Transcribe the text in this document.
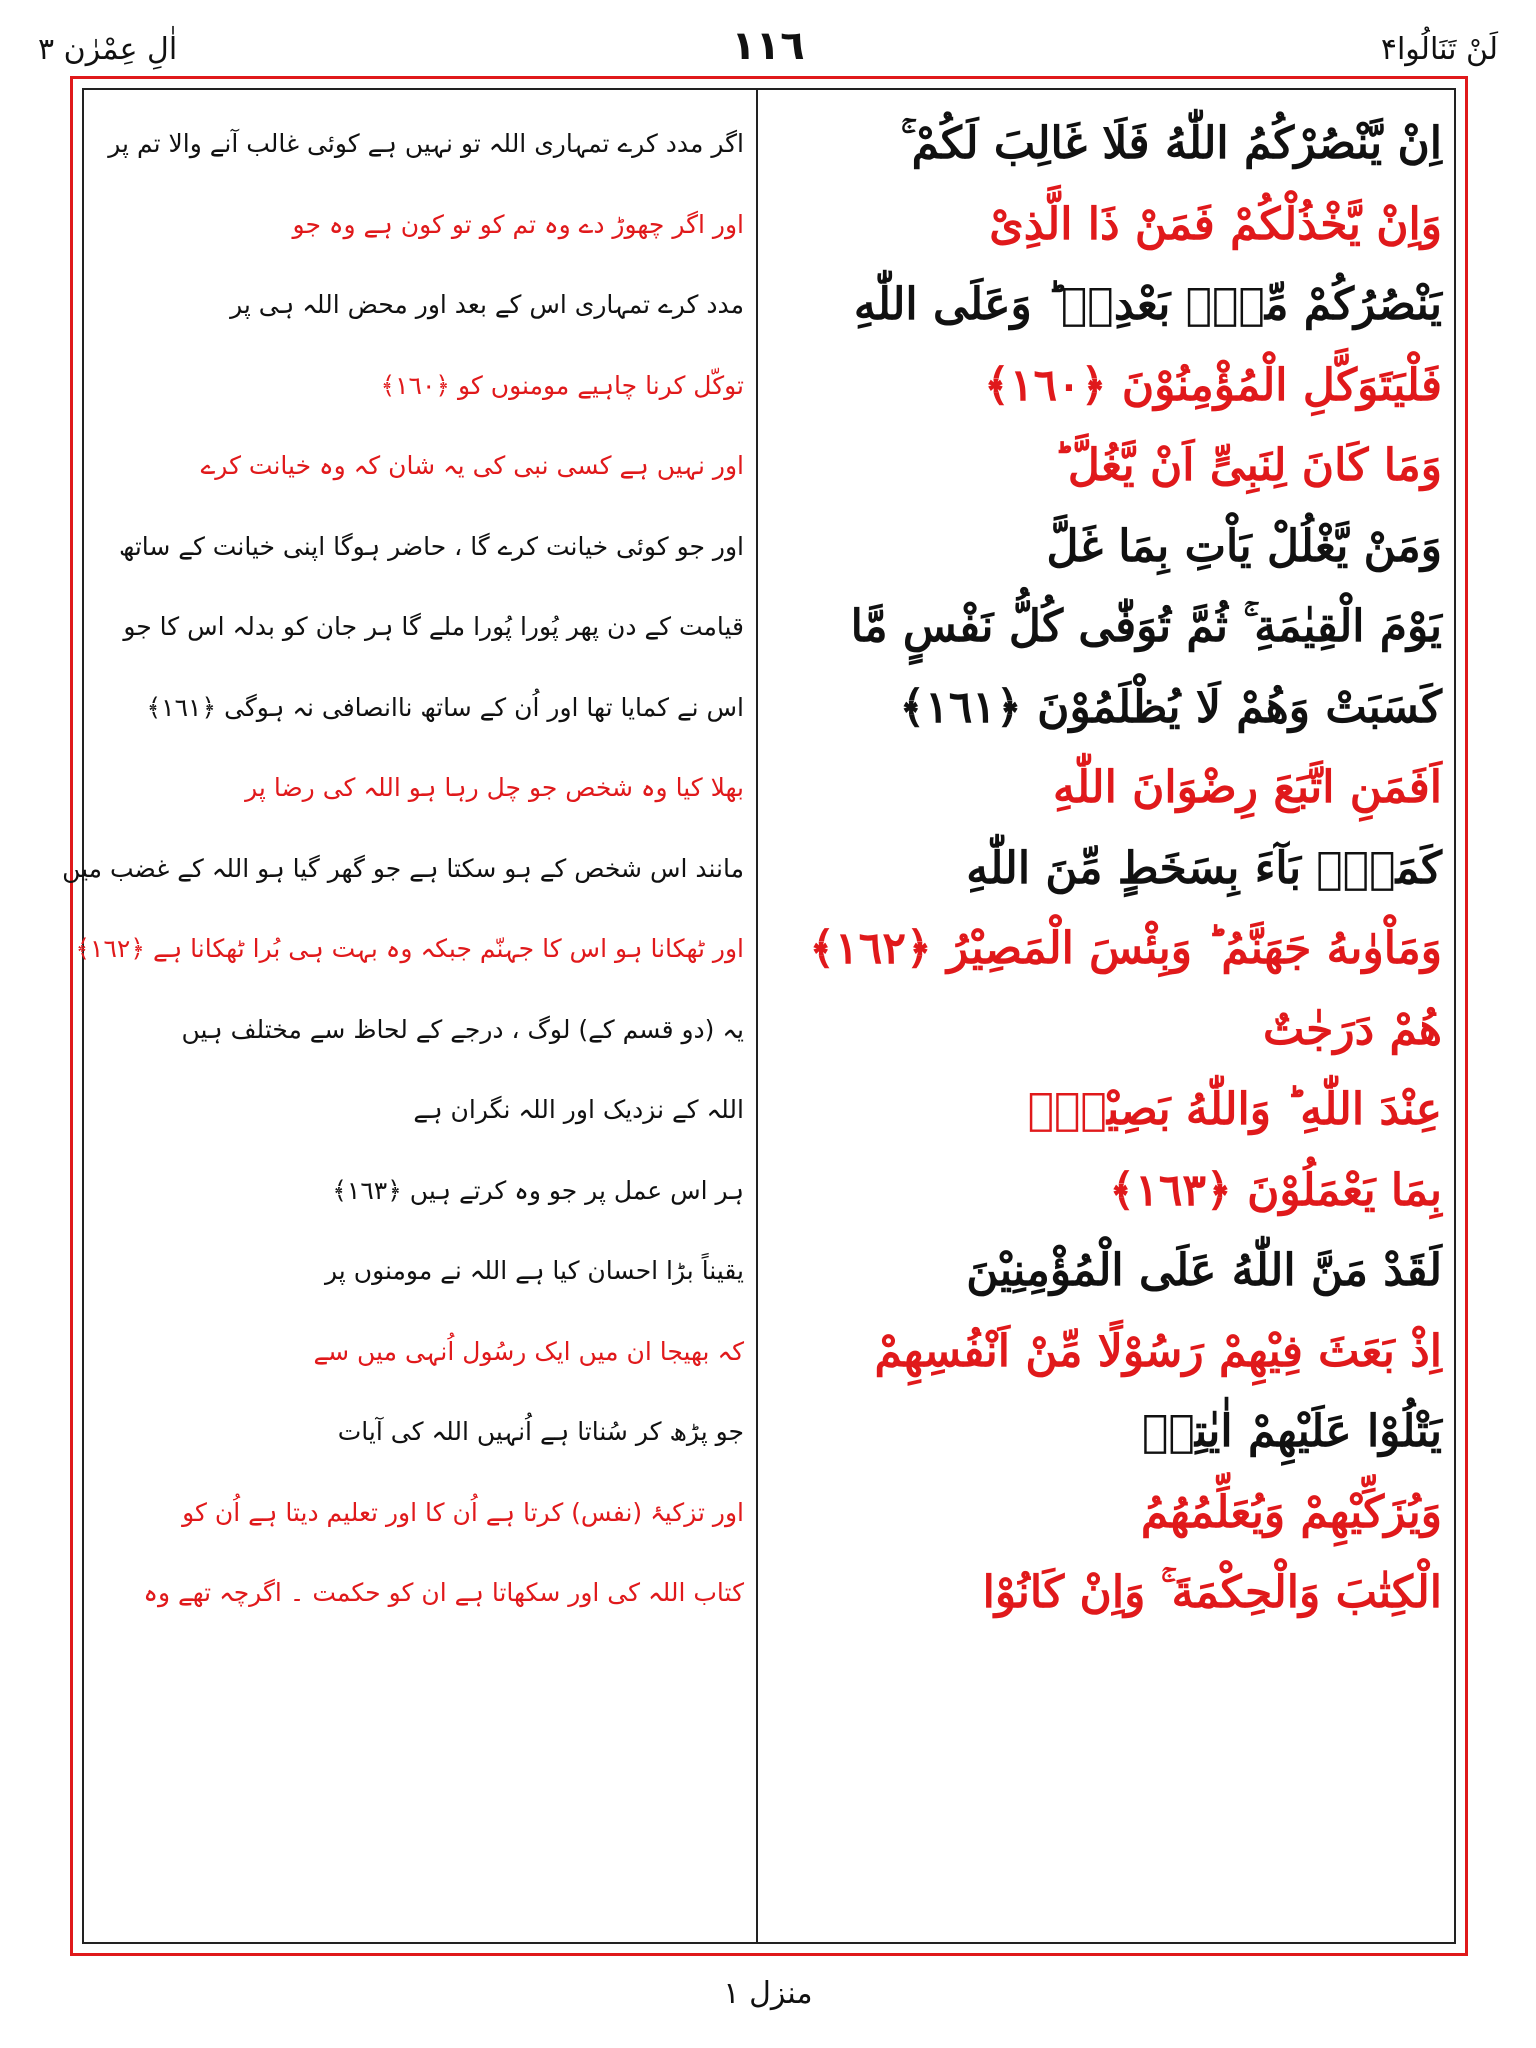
لَنْ تَنَالُوا۴
١١٦
اٰلِ عِمْرٰن ٣
اِنْ يَّنْصُرْكُمُ اللّٰهُ فَلَا غَالِبَ لَكُمْ ۚ
وَاِنْ يَّخْذُلْكُمْ فَمَنْ ذَا الَّذِىْ
يَنْصُرُكُمْ مِّنْۢ بَعْدِهٖ ؕ وَعَلَى اللّٰهِ
فَلْيَتَوَكَّلِ الْمُؤْمِنُوْنَ ﴿١٦٠﴾
وَمَا كَانَ لِنَبِىٍّ اَنْ يَّغُلَّ ؕ
وَمَنْ يَّغْلُلْ يَاْتِ بِمَا غَلَّ
يَوْمَ الْقِيٰمَةِ ۚ ثُمَّ تُوَفّٰى كُلُّ نَفْسٍ مَّا
كَسَبَتْ وَهُمْ لَا يُظْلَمُوْنَ ﴿١٦١﴾
اَفَمَنِ اتَّبَعَ رِضْوَانَ اللّٰهِ
كَمَنْۢ بَآءَ بِسَخَطٍ مِّنَ اللّٰهِ
وَمَاْوٰىهُ جَهَنَّمُ ؕ وَبِئْسَ الْمَصِيْرُ ﴿١٦٢﴾
هُمْ دَرَجٰتٌ
عِنْدَ اللّٰهِ ؕ وَاللّٰهُ بَصِيْرٌۢ
بِمَا يَعْمَلُوْنَ ﴿١٦٣﴾
لَقَدْ مَنَّ اللّٰهُ عَلَى الْمُؤْمِنِيْنَ
اِذْ بَعَثَ فِيْهِمْ رَسُوْلًا مِّنْ اَنْفُسِهِمْ
يَتْلُوْا عَلَيْهِمْ اٰيٰتِهٖ
وَيُزَكِّيْهِمْ وَيُعَلِّمُهُمُ
الْكِتٰبَ وَالْحِكْمَةَ ۚ وَاِنْ كَانُوْا
اگر مدد کرے تمہاری اللہ تو نہیں ہے کوئی غالب آنے والا تم پر
اور اگر چھوڑ دے وہ تم کو تو کون ہے وہ جو
مدد کرے تمہاری اس کے بعد اور محض اللہ ہی پر
توکّل کرنا چاہیے مومنوں کو ﴿١٦٠﴾
اور نہیں ہے کسی نبی کی یہ شان کہ وہ خیانت کرے
اور جو کوئی خیانت کرے گا ، حاضر ہوگا اپنی خیانت کے ساتھ
قیامت کے دن پھر پُورا پُورا ملے گا ہر جان کو بدلہ اس کا جو
اس نے کمایا تھا اور اُن کے ساتھ ناانصافی نہ ہوگی ﴿١٦١﴾
بھلا کیا وہ شخص جو چل رہا ہو اللہ کی رضا پر
مانند اس شخص کے ہو سکتا ہے جو گھر گیا ہو اللہ کے غضب میں
اور ٹھکانا ہو اس کا جہنّم جبکہ وہ بہت ہی بُرا ٹھکانا ہے ﴿١٦٢﴾
یہ (دو قسم کے) لوگ ، درجے کے لحاظ سے مختلف ہیں
اللہ کے نزدیک اور اللہ نگران ہے
ہر اس عمل پر جو وہ کرتے ہیں ﴿١٦٣﴾
یقیناً بڑا احسان کیا ہے اللہ نے مومنوں پر
کہ بھیجا ان میں ایک رسُول اُنہی میں سے
جو پڑھ کر سُناتا ہے اُنہیں اللہ کی آیات
اور تزکیۂ (نفس) کرتا ہے اُن کا اور تعلیم دیتا ہے اُن کو
کتاب اللہ کی اور سکھاتا ہے ان کو حکمت ۔ اگرچہ تھے وہ
منزل ١
